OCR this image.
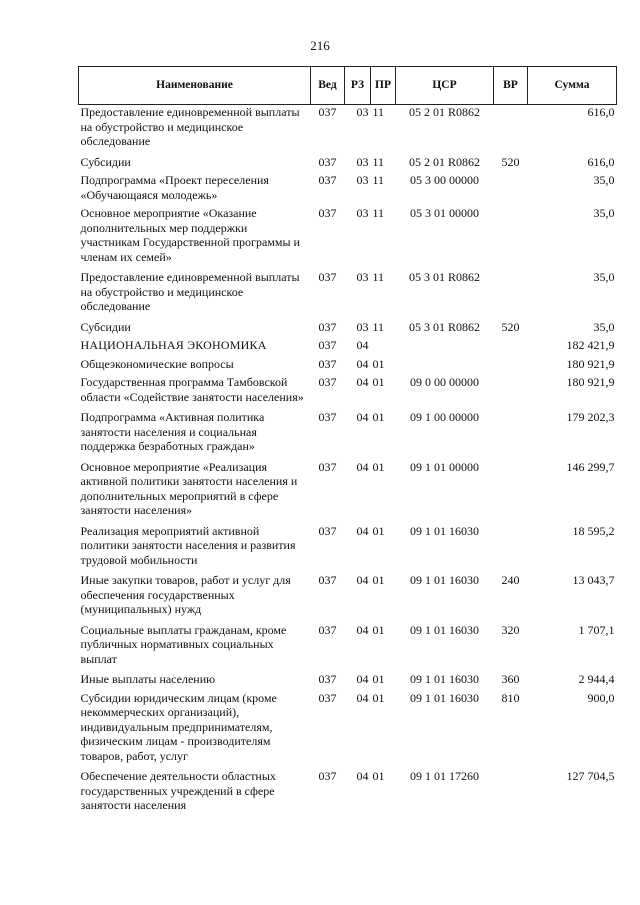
216
Наименование	Вед	РЗ	ПР	ЦСР	ВР	Сумма
Предоставление единовременной выплаты на обустройство и медицинское обследование	037	03	11	05 2 01 R0862		616,0
Субсидии	037	03	11	05 2 01 R0862	520	616,0
Подпрограмма «Проект переселения «Обучающаяся молодежь»	037	03	11	05 3 00 00000		35,0
Основное мероприятие «Оказание дополнительных мер поддержки участникам Государственной программы и членам их семей»	037	03	11	05 3 01 00000		35,0
Предоставление единовременной выплаты на обустройство и медицинское обследование	037	03	11	05 3 01 R0862		35,0
Субсидии	037	03	11	05 3 01 R0862	520	35,0
НАЦИОНАЛЬНАЯ ЭКОНОМИКА	037	04				182 421,9
Общеэкономические вопросы	037	04	01			180 921,9
Государственная программа Тамбовской области «Содействие занятости населения»	037	04	01	09 0 00 00000		180 921,9
Подпрограмма «Активная политика занятости населения и социальная поддержка безработных граждан»	037	04	01	09 1 00 00000		179 202,3
Основное мероприятие «Реализация активной политики занятости населения и дополнительных мероприятий в сфере занятости населения»	037	04	01	09 1 01 00000		146 299,7
Реализация мероприятий активной политики занятости населения и развития трудовой мобильности	037	04	01	09 1 01 16030		18 595,2
Иные закупки товаров, работ и услуг для обеспечения государственных (муниципальных) нужд	037	04	01	09 1 01 16030	240	13 043,7
Социальные выплаты гражданам, кроме публичных нормативных социальных выплат	037	04	01	09 1 01 16030	320	1 707,1
Иные выплаты населению	037	04	01	09 1 01 16030	360	2 944,4
Субсидии юридическим лицам (кроме некоммерческих организаций), индивидуальным предпринимателям, физическим лицам - производителям товаров, работ, услуг	037	04	01	09 1 01 16030	810	900,0
Обеспечение деятельности областных государственных учреждений в сфере занятости населения	037	04	01	09 1 01 17260		127 704,5
